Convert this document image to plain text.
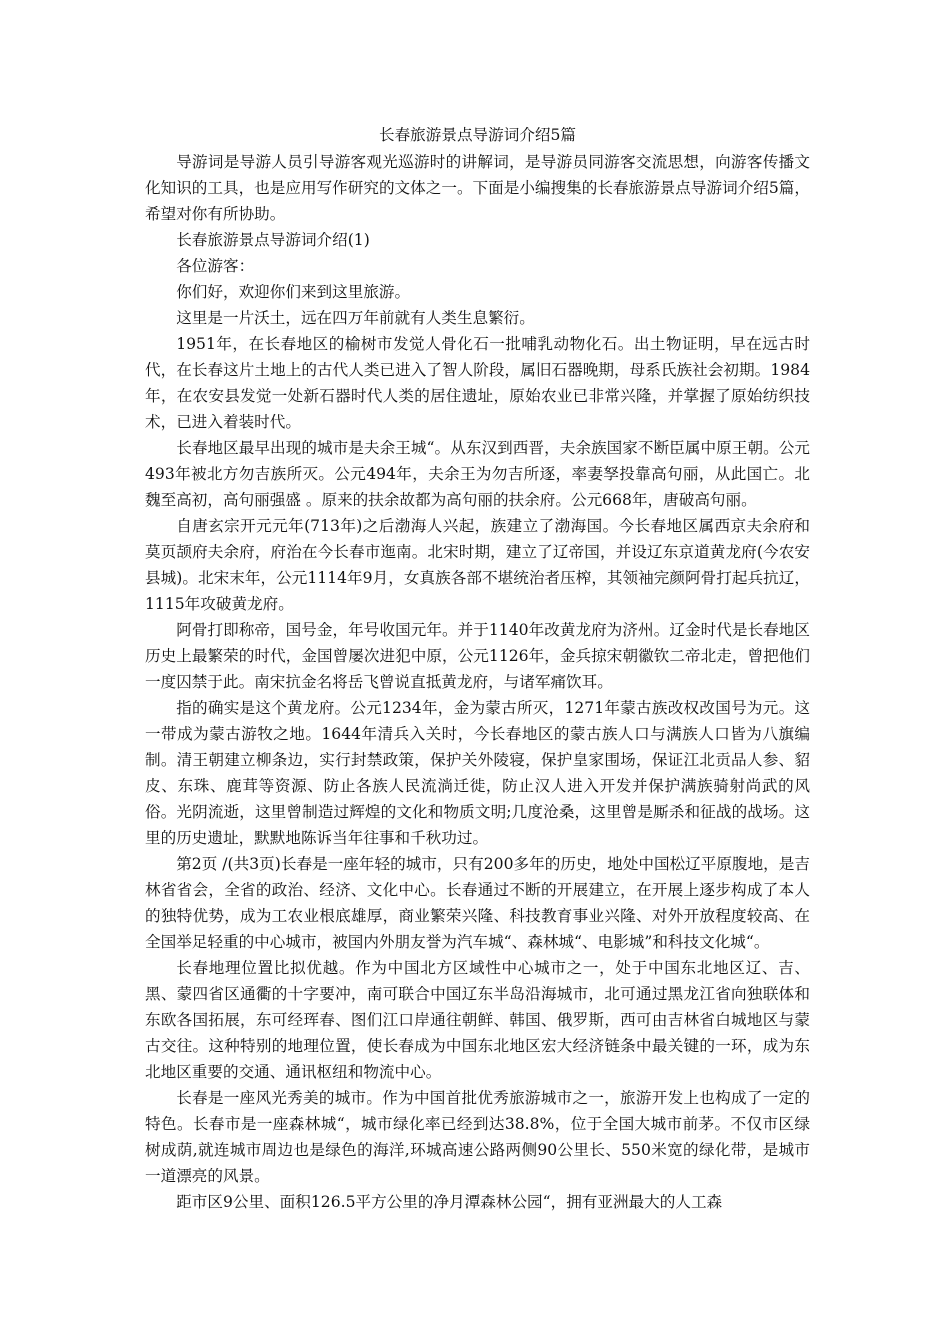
长春旅游景点导游词介绍5篇

导游词是导游人员引导游客观光巡游时的讲解词，是导游员同游客交流思想，向游客传播文化知识的工具，也是应用写作研究的文体之一。下面是小编搜集的长春旅游景点导游词介绍5篇，希望对你有所协助。

长春旅游景点导游词介绍(1)

各位游客：

你们好，欢迎你们来到这里旅游。

这里是一片沃土，远在四万年前就有人类生息繁衍。

1951年，在长春地区的榆树市发觉人骨化石一批哺乳动物化石。出土物证明，早在远古时代，在长春这片土地上的古代人类已进入了智人阶段，属旧石器晚期，母系氏族社会初期。1984年，在农安县发觉一处新石器时代人类的居住遗址，原始农业已非常兴隆，并掌握了原始纺织技术，已进入着装时代。

长春地区最早出现的城市是夫余王城“。从东汉到西晋，夫余族国家不断臣属中原王朝。公元493年被北方勿吉族所灭。公元494年，夫余王为勿吉所逐，率妻孥投靠高句丽，从此国亡。北魏至高初，高句丽强盛 。原来的扶余故都为高句丽的扶余府。公元668年，唐破高句丽。

自唐玄宗开元元年(713年)之后渤海人兴起，族建立了渤海国。今长春地区属西京夫余府和莫页颉府夫余府，府治在今长春市迤南。北宋时期，建立了辽帝国，并设辽东京道黄龙府(今农安县城)。北宋末年，公元1114年9月，女真族各部不堪统治者压榨，其领袖完颜阿骨打起兵抗辽，1115年攻破黄龙府。

阿骨打即称帝，国号金，年号收国元年。并于1140年改黄龙府为济州。辽金时代是长春地区历史上最繁荣的时代，金国曾屡次进犯中原，公元1126年，金兵掠宋朝徽钦二帝北走，曾把他们一度囚禁于此。南宋抗金名将岳飞曾说直抵黄龙府，与诸军痛饮耳。

指的确实是这个黄龙府。公元1234年，金为蒙古所灭，1271年蒙古族改权改国号为元。这一带成为蒙古游牧之地。1644年清兵入关时，今长春地区的蒙古族人口与满族人口皆为八旗编制。清王朝建立柳条边，实行封禁政策，保护关外陵寝，保护皇家围场，保证江北贡品人参、貂皮、东珠、鹿茸等资源、防止各族人民流淌迁徙，防止汉人进入开发并保护满族骑射尚武的风俗。光阴流逝，这里曾制造过辉煌的文化和物质文明;几度沧桑，这里曾是厮杀和征战的战场。这里的历史遗址，默默地陈诉当年往事和千秋功过。

第2页 /(共3页)长春是一座年轻的城市，只有200多年的历史，地处中国松辽平原腹地，是吉林省省会，全省的政治、经济、文化中心。长春通过不断的开展建立，在开展上逐步构成了本人的独特优势，成为工农业根底雄厚，商业繁荣兴隆、科技教育事业兴隆、对外开放程度较高、在全国举足轻重的中心城市，被国内外朋友誉为汽车城“、森林城“、电影城”和科技文化城“。

长春地理位置比拟优越。作为中国北方区域性中心城市之一，处于中国东北地区辽、吉、黑、蒙四省区通衢的十字要冲，南可联合中国辽东半岛沿海城市，北可通过黑龙江省向独联体和东欧各国拓展，东可经珲春、图们江口岸通往朝鲜、韩国、俄罗斯，西可由吉林省白城地区与蒙古交往。这种特别的地理位置，使长春成为中国东北地区宏大经济链条中最关键的一环，成为东北地区重要的交通、通讯枢纽和物流中心。

长春是一座风光秀美的城市。作为中国首批优秀旅游城市之一，旅游开发上也构成了一定的特色。长春市是一座森林城“，城市绿化率已经到达38.8%，位于全国大城市前茅。不仅市区绿树成荫,就连城市周边也是绿色的海洋,环城高速公路两侧90公里长、550米宽的绿化带，是城市一道漂亮的风景。

距市区9公里、面积126.5平方公里的净月潭森林公园“，拥有亚洲最大的人工森
